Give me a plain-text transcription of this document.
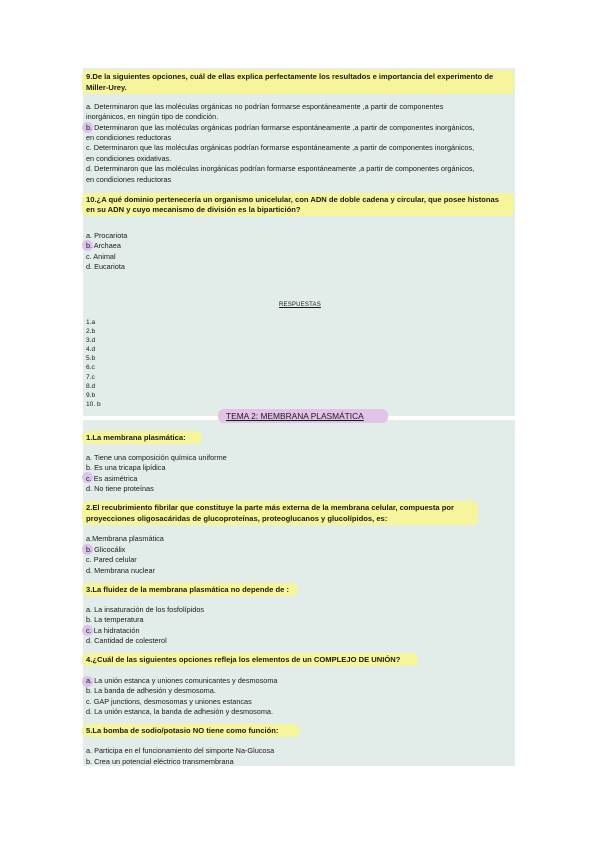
9.De la siguientes opciones, cuál de ellas explica perfectamente los resultados e importancia del experimento de
Miller-Urey.
a. Determinaron que las moléculas orgánicas no podrían formarse espontáneamente ,a partir de componentes
inorgánicos, en ningún tipo de condición.
b. Determinaron que las moléculas orgánicas podrían formarse espontáneamente ,a partir de componentes inorgánicos,
en condiciones reductoras
c. Determinaron que las moléculas orgánicas podrían formarse espontáneamente ,a partir de componentes inorgánicos,
en condiciones oxidativas.
d. Determinaron que las moléculas inorgánicas podrían formarse espontáneamente ,a partir de componentes orgánicos,
en condiciones reductoras
10.¿A qué dominio pertenecería un organismo unicelular, con ADN de doble cadena y circular, que posee histonas
en su ADN y cuyo mecanismo de división es la bipartición?
a. Procariota
b. Archaea
c. Animal
d. Eucariota
RESPUESTAS
1.a
2.b
3.d
4.d
5.b
6.c
7.c
8.d
9.b
10. b
TEMA 2: MEMBRANA PLASMÁTICA
1.La membrana plasmática:
a. Tiene una composición química uniforme
b. Es una tricapa lipídica
c. Es asimétrica
d. No tiene proteínas
2.El recubrimiento fibrilar que constituye la parte más externa de la membrana celular, compuesta por
proyecciones oligosacáridas de glucoproteínas, proteoglucanos y glucolípidos, es:
a.Membrana plasmática
b. Glicocálix
c. Pared celular
d. Membrana nuclear
3.La fluidez de la membrana plasmática no depende de :
a. La insaturación de los fosfolípidos
b. La temperatura
c. La hidratación
d. Cantidad de colesterol
4.¿Cuál de las siguientes opciones refleja los elementos de un COMPLEJO DE UNIÓN?
a. La unión estanca y uniones comunicantes y desmosoma
b. La banda de adhesión y desmosoma.
c. GAP junctions, desmosomas y uniones estancas
d. La unión estanca, la banda de adhesión y desmosoma.
5.La bomba de sodio/potasio NO tiene como función:
a. Participa en el funcionamiento del simporte Na-Glucosa
b. Crea un potencial eléctrico transmembrana
